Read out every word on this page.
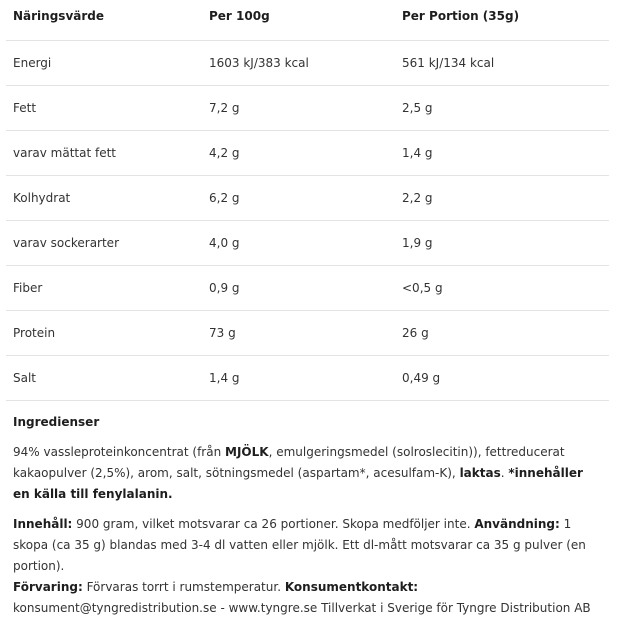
Näringsvärde	Per 100g	Per Portion (35g)
Energi	1603 kJ/383 kcal	561 kJ/134 kcal
Fett	7,2 g	2,5 g
varav mättat fett	4,2 g	1,4 g
Kolhydrat	6,2 g	2,2 g
varav sockerarter	4,0 g	1,9 g
Fiber	0,9 g	<0,5 g
Protein	73 g	26 g
Salt	1,4 g	0,49 g

Ingredienser

94% vassleproteinkoncentrat (från MJÖLK, emulgeringsmedel (solroslecitin)), fettreducerat kakaopulver (2,5%), arom, salt, sötningsmedel (aspartam*, acesulfam-K), laktas. *innehåller en källa till fenylalanin.

Innehåll: 900 gram, vilket motsvarar ca 26 portioner. Skopa medföljer inte. Användning: 1 skopa (ca 35 g) blandas med 3-4 dl vatten eller mjölk. Ett dl-mått motsvarar ca 35 g pulver (en portion).
Förvaring: Förvaras torrt i rumstemperatur. Konsumentkontakt: konsument@tyngredistribution.se - www.tyngre.se Tillverkat i Sverige för Tyngre Distribution AB
